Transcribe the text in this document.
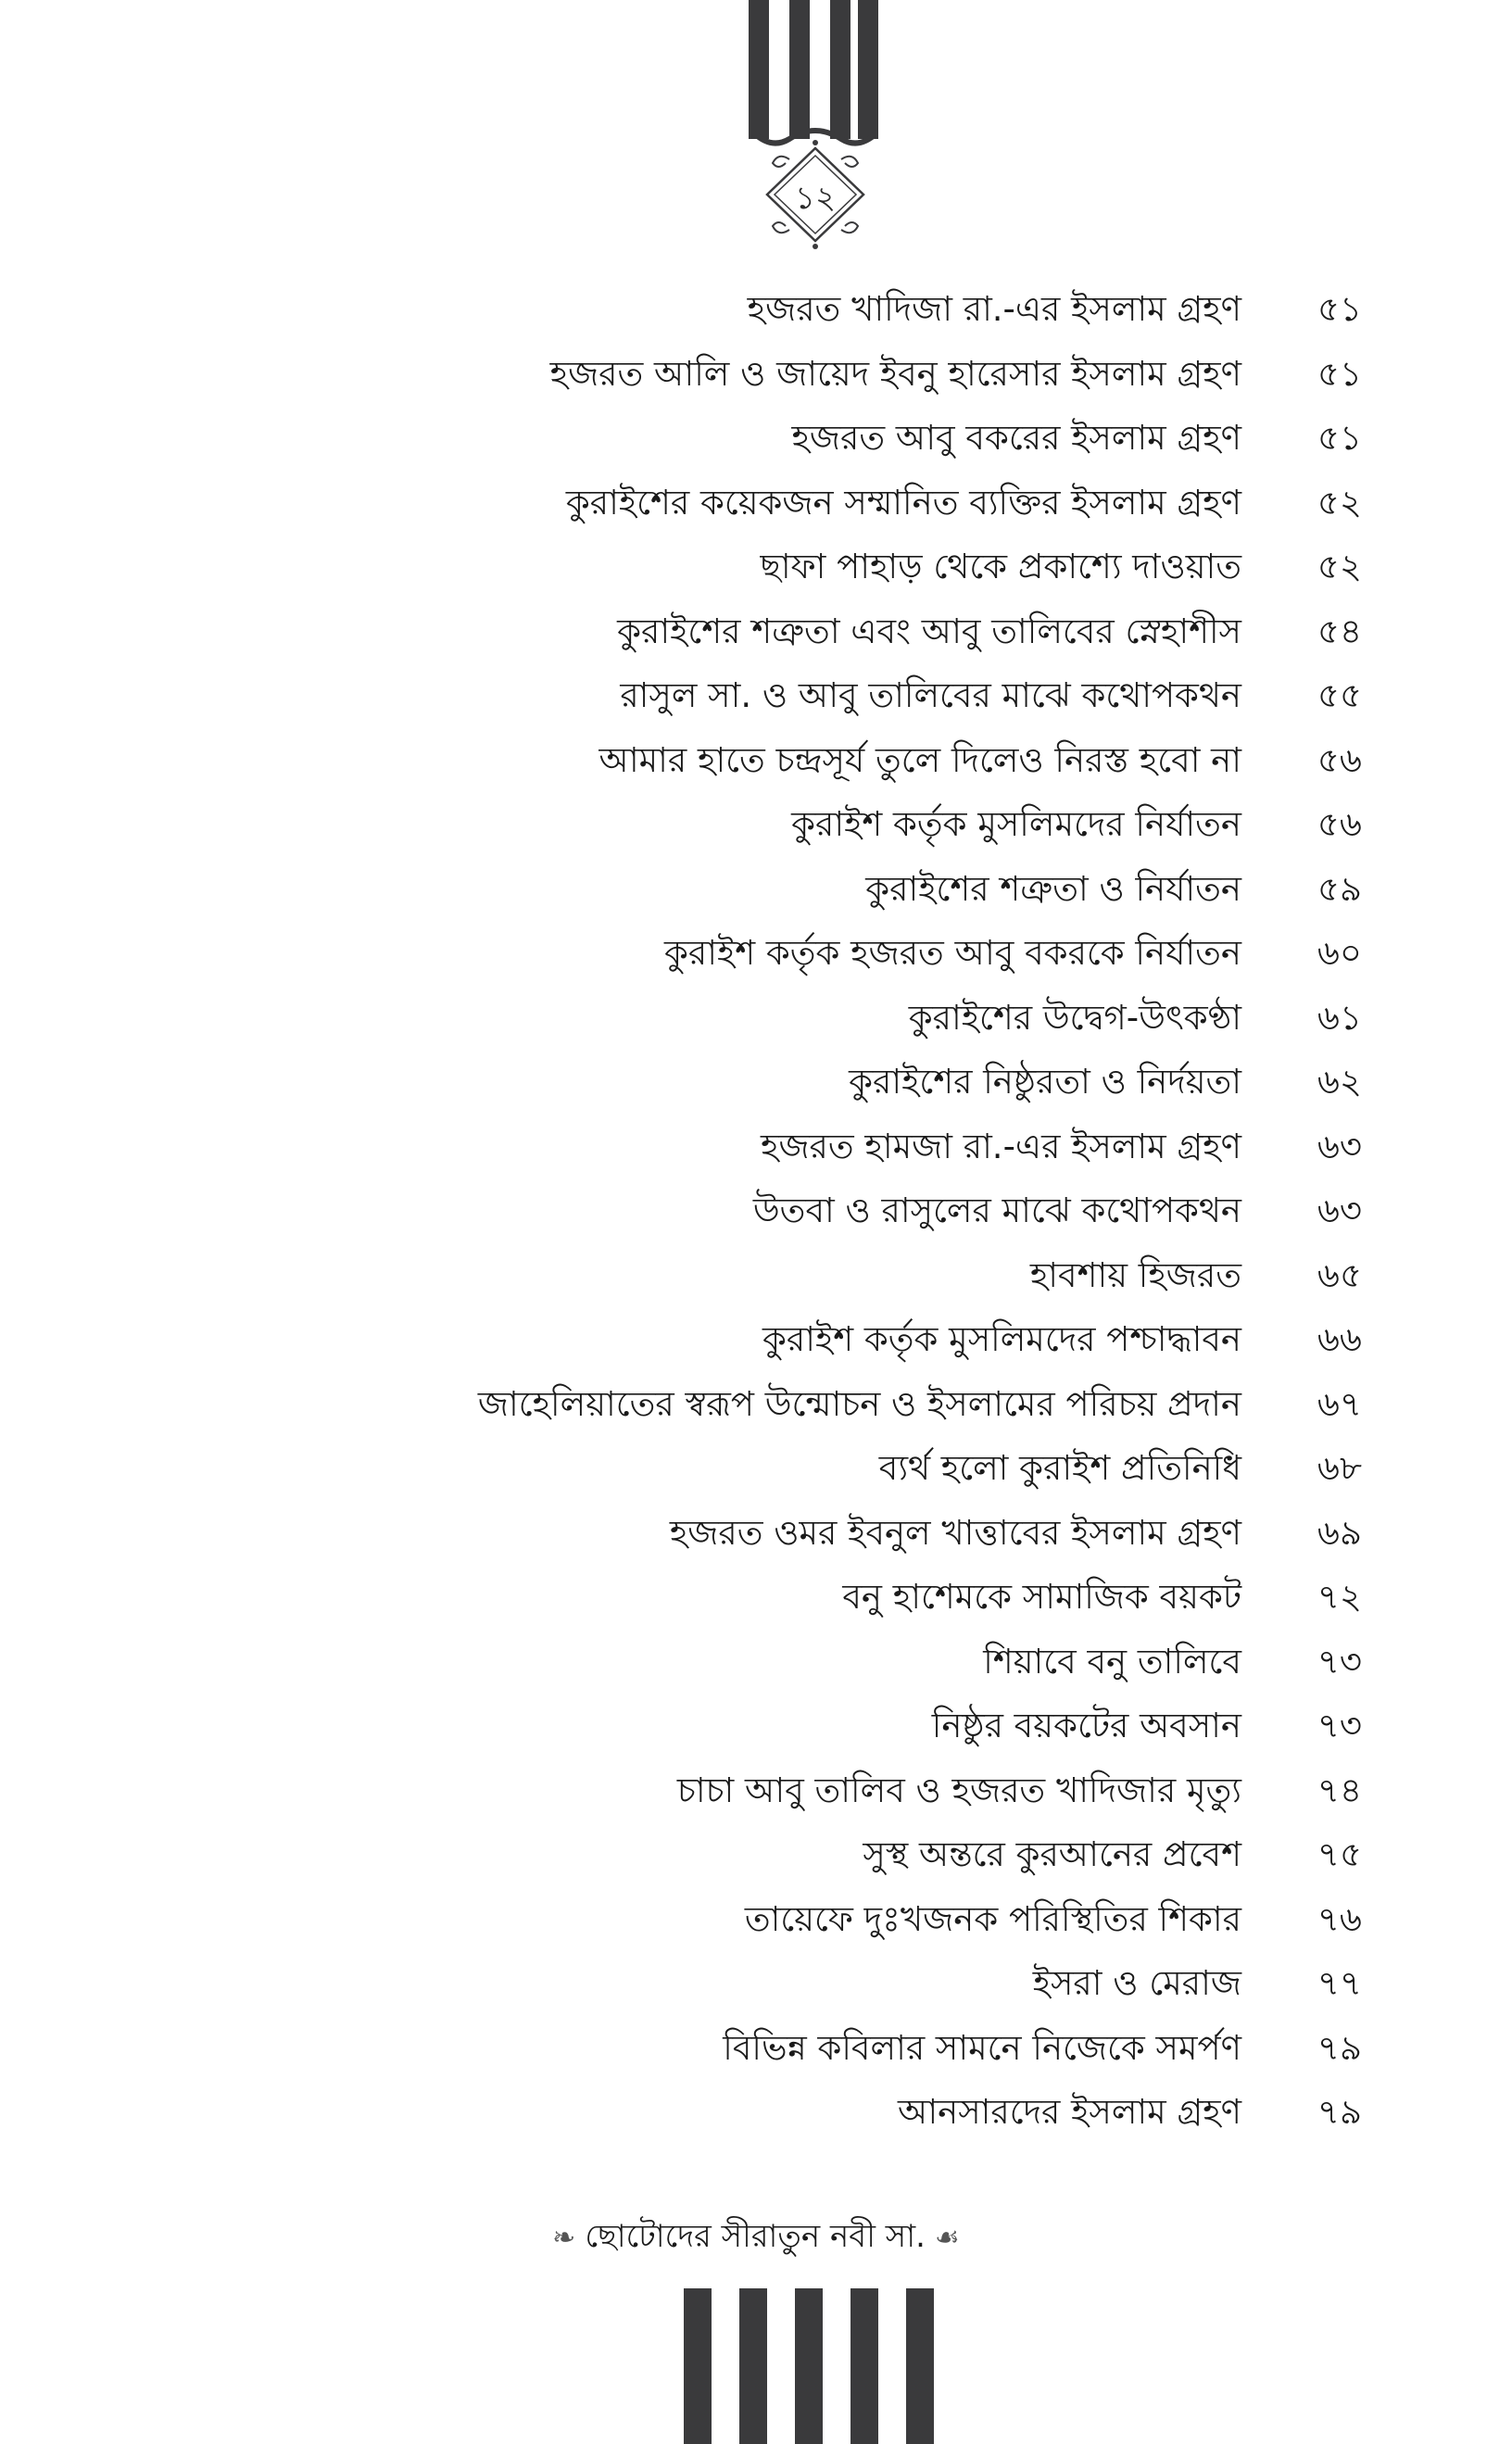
১২
হজরত খাদিজা রা.-এর ইসলাম গ্রহণ	৫১
হজরত আলি ও জায়েদ ইবনু হারেসার ইসলাম গ্রহণ	৫১
হজরত আবু বকরের ইসলাম গ্রহণ	৫১
কুরাইশের কয়েকজন সম্মানিত ব্যক্তির ইসলাম গ্রহণ	৫২
ছাফা পাহাড় থেকে প্রকাশ্যে দাওয়াত	৫২
কুরাইশের শত্রুতা এবং আবু তালিবের স্নেহাশীস	৫৪
রাসুল সা. ও আবু তালিবের মাঝে কথোপকথন	৫৫
আমার হাতে চন্দ্রসূর্য তুলে দিলেও নিরস্ত হবো না	৫৬
কুরাইশ কর্তৃক মুসলিমদের নির্যাতন	৫৬
কুরাইশের শত্রুতা ও নির্যাতন	৫৯
কুরাইশ কর্তৃক হজরত আবু বকরকে নির্যাতন	৬০
কুরাইশের উদ্বেগ-উৎকণ্ঠা	৬১
কুরাইশের নিষ্ঠুরতা ও নির্দয়তা	৬২
হজরত হামজা রা.-এর ইসলাম গ্রহণ	৬৩
উতবা ও রাসুলের মাঝে কথোপকথন	৬৩
হাবশায় হিজরত	৬৫
কুরাইশ কর্তৃক মুসলিমদের পশ্চাদ্ধাবন	৬৬
জাহেলিয়াতের স্বরূপ উন্মোচন ও ইসলামের পরিচয় প্রদান	৬৭
ব্যর্থ হলো কুরাইশ প্রতিনিধি	৬৮
হজরত ওমর ইবনুল খাত্তাবের ইসলাম গ্রহণ	৬৯
বনু হাশেমকে সামাজিক বয়কট	৭২
শিয়াবে বনু তালিবে	৭৩
নিষ্ঠুর বয়কটের অবসান	৭৩
চাচা আবু তালিব ও হজরত খাদিজার মৃত্যু	৭৪
সুস্থ অন্তরে কুরআনের প্রবেশ	৭৫
তায়েফে দুঃখজনক পরিস্থিতির শিকার	৭৬
ইসরা ও মেরাজ	৭৭
বিভিন্ন কবিলার সামনে নিজেকে সমর্পণ	৭৯
আনসারদের ইসলাম গ্রহণ	৭৯
❧ ছোটোদের সীরাতুন নবী সা. ☙
